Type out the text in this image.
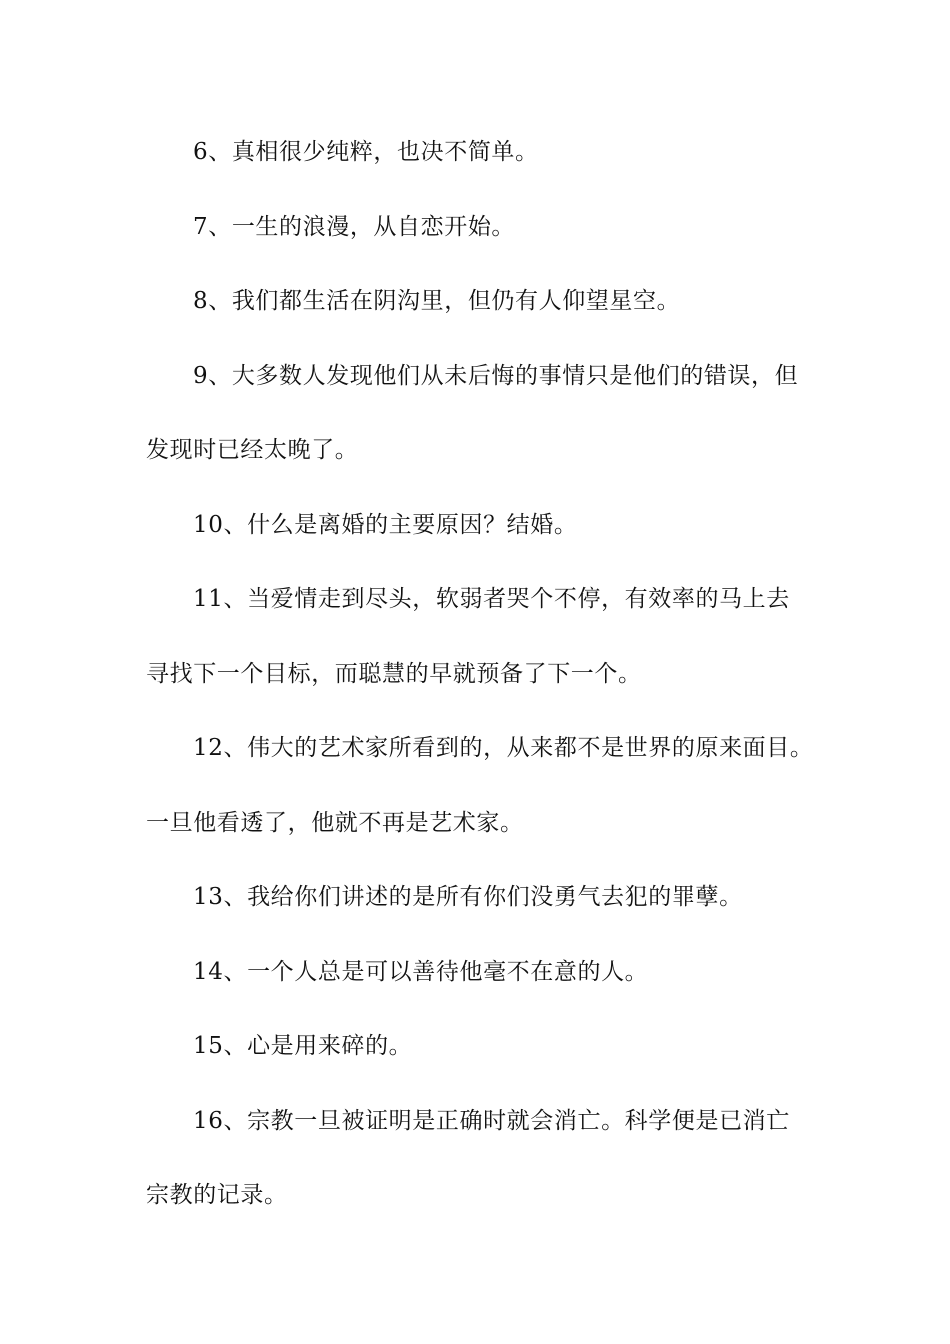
6、真相很少纯粹，也决不简单。
7、一生的浪漫，从自恋开始。
8、我们都生活在阴沟里，但仍有人仰望星空。
9、大多数人发现他们从未后悔的事情只是他们的错误，但
发现时已经太晚了。
10、什么是离婚的主要原因？结婚。
11、当爱情走到尽头，软弱者哭个不停，有效率的马上去
寻找下一个目标，而聪慧的早就预备了下一个。
12、伟大的艺术家所看到的，从来都不是世界的原来面目。
一旦他看透了，他就不再是艺术家。
13、我给你们讲述的是所有你们没勇气去犯的罪孽。
14、一个人总是可以善待他毫不在意的人。
15、心是用来碎的。
16、宗教一旦被证明是正确时就会消亡。科学便是已消亡
宗教的记录。
